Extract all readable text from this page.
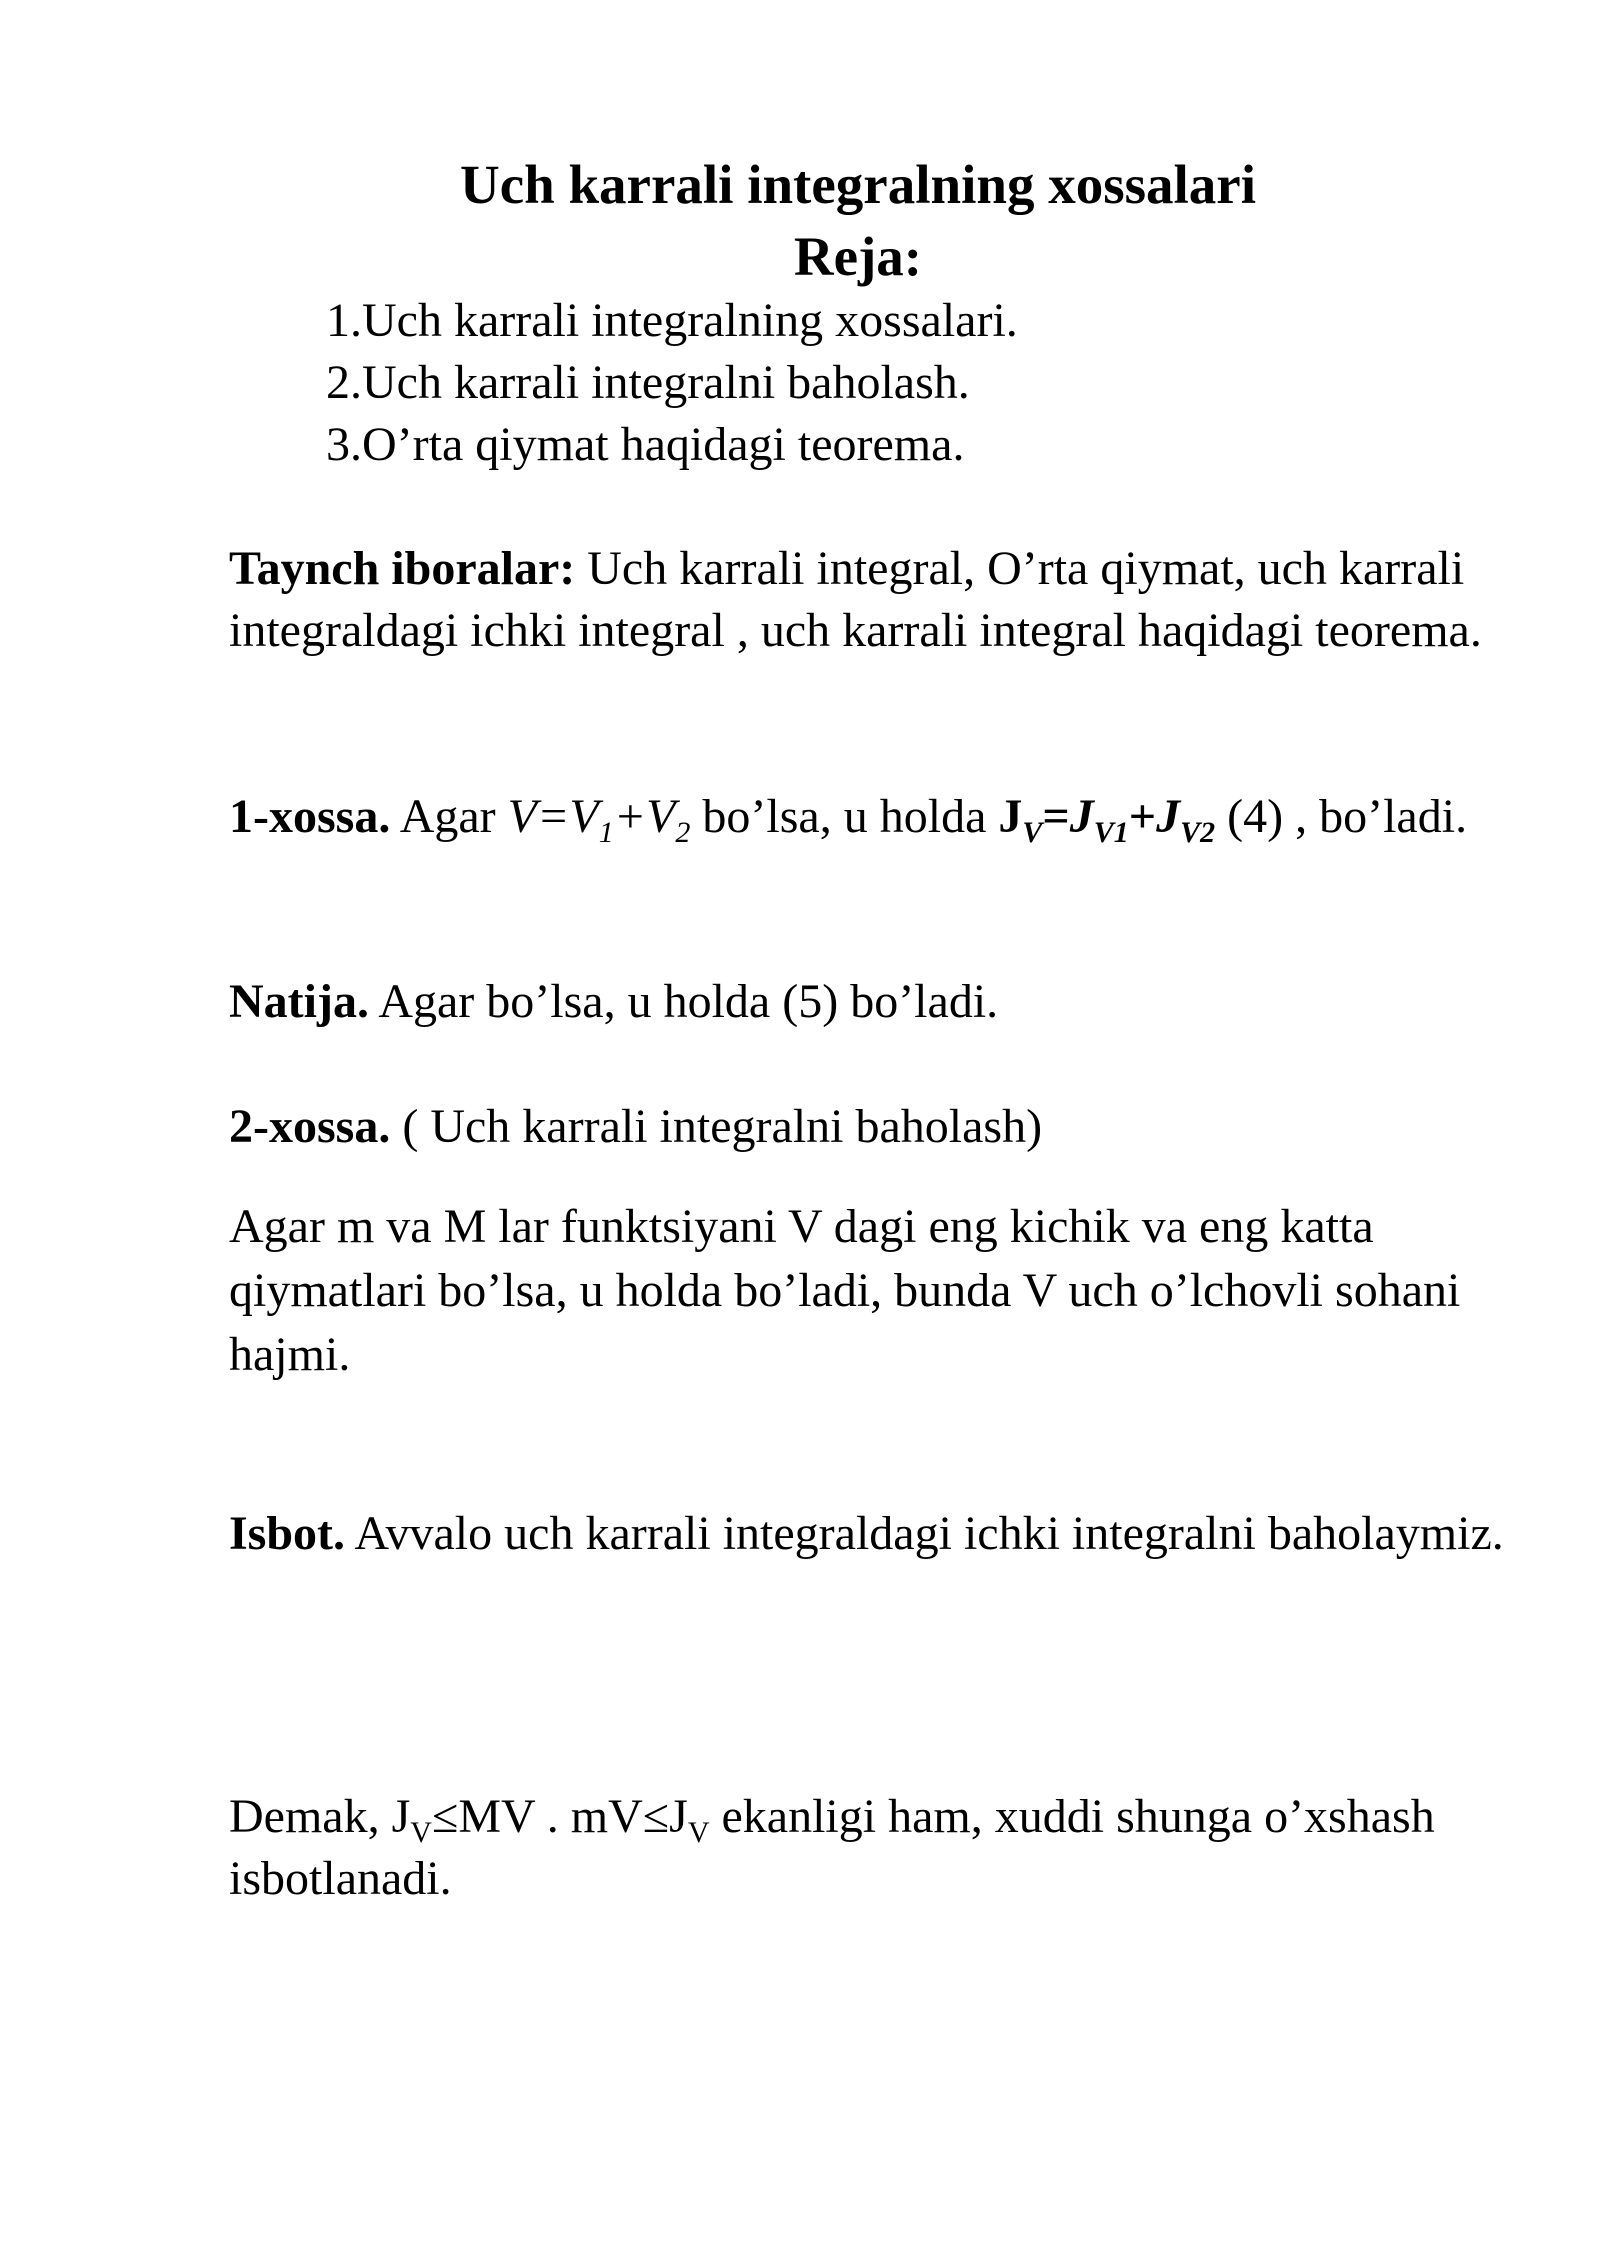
Uch karrali integralning xossalari
Reja:
1.Uch karrali integralning xossalari.
2.Uch karrali integralni baholash.
3.O’rta qiymat haqidagi teorema.

Taynch iboralar: Uch karrali integral, O’rta qiymat, uch karrali integraldagi ichki integral , uch karrali integral haqidagi teorema.

1-xossa. Agar $V=V_1+V_2$ bo’lsa, u holda $J_V=J_{V1}+J_{V2}$ (4) , bo’ladi.

Natija. Agar bo’lsa, u holda (5) bo’ladi.

2-xossa. ( Uch karrali integralni baholash)

Agar m va M lar funktsiyani V dagi eng kichik va eng katta qiymatlari bo’lsa, u holda bo’ladi, bunda V uch o’lchovli sohani hajmi.

Isbot. Avvalo uch karrali integraldagi ichki integralni baholaymiz.

Demak, $J_V\le MV$ . $mV\le J_V$ ekanligi ham, xuddi shunga o’xshash isbotlanadi.
